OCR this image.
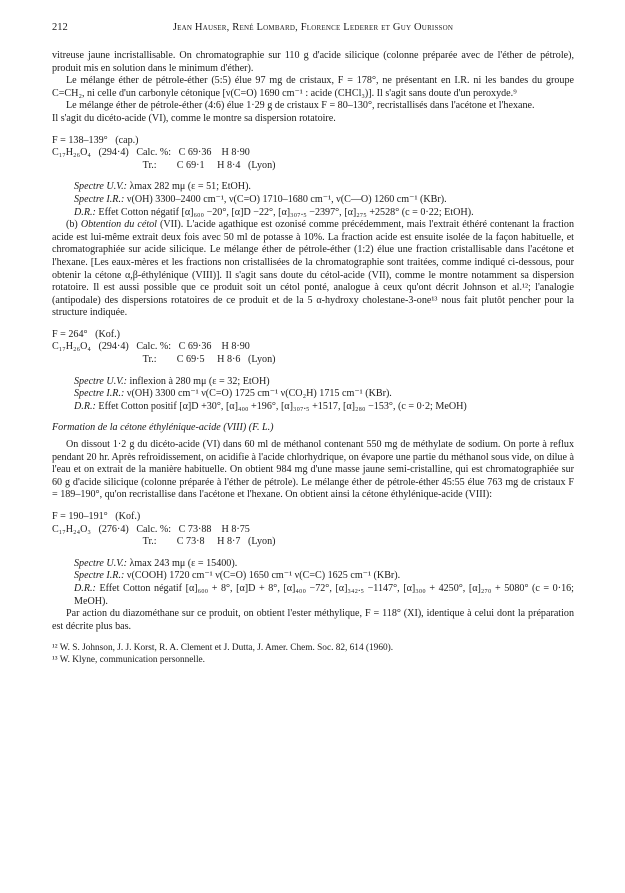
212	Jean Hauser, René Lombard, Florence Lederer et Guy Ourisson

vitreuse jaune incristallisable. On chromatographie sur 110 g d'acide silicique (colonne préparée avec de l'éther de pétrole), produit mis en solution dans le minimum d'éther).

Le mélange éther de pétrole-éther (5:5) élue 97 mg de cristaux, F = 178°, ne présentant en I.R. ni les bandes du groupe C=CH₂, ni celle d'un carbonyle cétonique [ν(C=O) 1690 cm⁻¹ : acide (CHCl₃)]. Il s'agit sans doute d'un peroxyde.⁹

Le mélange éther de pétrole-éther (4:6) élue 1·29 g de cristaux F = 80–130°, recristallisés dans l'acétone et l'hexane.

Il s'agit du dicéto-acide (VI), comme le montre sa dispersion rotatoire.

F = 138–139°   (cap.)
C₁₇H₂₆O₄   (294·4)   Calc. %:   C 69·36    H 8·90
Tr.:        C 69·1     H 8·4   (Lyon)
Spectre U.V.: λmax 282 mμ (ε = 51; EtOH).
Spectre I.R.: ν(OH) 3300–2400 cm⁻¹, ν(C=O) 1710–1680 cm⁻¹, ν(C—O) 1260 cm⁻¹ (KBr).

D.R.: Effet Cotton négatif [α]₆₀₀ −20°, [α]D −22°, [α]₃₀₇.₅ −2397°, [α]₂₇₅ +2528° (c = 0·22; EtOH).

(b) Obtention du cétol (VII). L'acide agathique est ozonisé comme précédemment, mais l'extrait éthéré contenant la fraction acide est lui-même extrait deux fois avec 50 ml de potasse à 10%. La fraction acide est ensuite isolée de la façon habituelle, et chromatographiée sur acide silicique. Le mélange éther de pétrole-éther (1:2) élue une fraction cristallisable dans l'acétone et l'hexane. [Les eaux-mères et les fractions non cristallisées de la chromatographie sont traitées, comme indiqué ci-dessous, pour obtenir la cétone α,β-éthylénique (VIII)]. Il s'agit sans doute du cétol-acide (VII), comme le montre notamment sa dispersion rotatoire. Il est aussi possible que ce produit soit un cétol ponté, analogue à ceux qu'ont décrit Johnson et al.¹²; l'analogie (antipodale) des dispersions rotatoires de ce produit et de la 5 α-hydroxy cholestane-3-one¹³ nous fait plutôt pencher pour la structure indiquée.

F = 264°   (Kof.)
C₁₇H₂₆O₄   (294·4)   Calc. %:   C 69·36    H 8·90
Tr.:        C 69·5     H 8·6   (Lyon)
Spectre U.V.: inflexion à 280 mμ (ε = 32; EtOH)
Spectre I.R.: ν(OH) 3300 cm⁻¹ ν(C=O) 1725 cm⁻¹ ν(CO₂H) 1715 cm⁻¹ (KBr).
D.R.: Effet Cotton positif [α]D +30°, [α]₄₀₀ +196°, [α]₃₀₇.₅ +1517, [α]₂₈₀ −153°, (c = 0·2; MeOH)

Formation de la cétone éthylénique-acide (VIII) (F. L.)

On dissout 1·2 g du dicéto-acide (VI) dans 60 ml de méthanol contenant 550 mg de méthylate de sodium. On porte à reflux pendant 20 hr. Après refroidissement, on acidifie à l'acide chlorhydrique, on évapore une partie du méthanol sous vide, on dilue à l'eau et on extrait de la manière habituelle. On obtient 984 mg d'une masse jaune semi-cristalline, qui est chromatographiée sur 60 g d'acide silicique (colonne préparée à l'éther de pétrole). Le mélange éther de pétrole-éther 45:55 élue 763 mg de cristaux F = 189–190°, qu'on recristallise dans l'acétone et l'hexane. On obtient ainsi la cétone éthylénique-acide (VIII):

F = 190–191°   (Kof.)
C₁₇H₂₄O₃   (276·4)   Calc. %:   C 73·88    H 8·75
Tr.:        C 73·8     H 8·7   (Lyon)
Spectre U.V.: λmax 243 mμ (ε = 15400).
Spectre I.R.: ν(COOH) 1720 cm⁻¹ ν(C=O) 1650 cm⁻¹ ν(C=C) 1625 cm⁻¹ (KBr).

D.R.: Effet Cotton négatif [α]₆₀₀ + 8°, [α]D + 8°, [α]₄₀₀ −72°, [α]₃₄₂.₅ −1147°, [α]₃₀₀ + 4250°, [α]₂₇₀ + 5080° (c = 0·16; MeOH).

Par action du diazométhane sur ce produit, on obtient l'ester méthylique, F = 118° (XI), identique à celui dont la préparation est décrite plus bas.

¹² W. S. Johnson, J. J. Korst, R. A. Clement et J. Dutta, J. Amer. Chem. Soc. 82, 614 (1960).

¹³ W. Klyne, communication personnelle.
